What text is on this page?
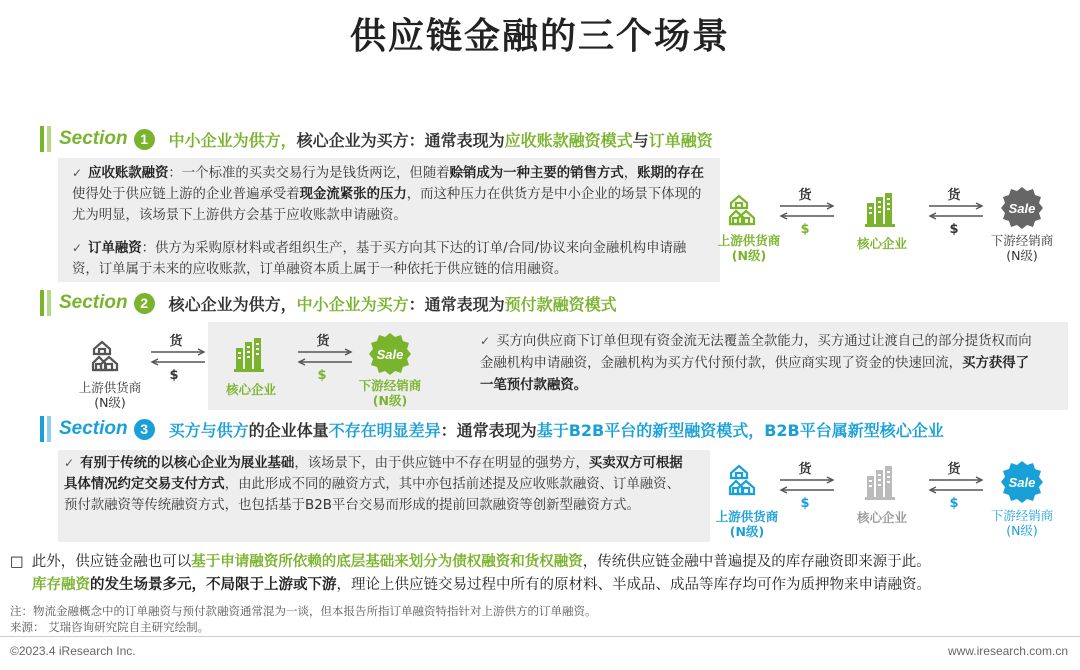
供应链金融的三个场景
Section 1	中小企业为供方，核心企业为买方：通常表现为应收账款融资模式与订单融资
✓ 应收账款融资：一个标准的买卖交易行为是钱货两讫，但随着赊销成为一种主要的销售方式，账期的存在使得处于供应链上游的企业普遍承受着现金流紧张的压力，而这种压力在供货方是中小企业的场景下体现的尤为明显，该场景下上游供方会基于应收账款申请融资。
✓ 订单融资：供方为采购原材料或者组织生产，基于买方向其下达的订单/合同/协议来向金融机构申请融资，订单属于未来的应收账款，订单融资本质上属于一种依托于供应链的信用融资。
上游供货商
(N级)
货
$
核心企业
货
$
Sale
下游经销商
(N级)
Section 2	核心企业为供方，中小企业为买方：通常表现为预付款融资模式
上游供货商
(N级)
货
$
核心企业
货
$
Sale
下游经销商
(N级)
✓ 买方向供应商下订单但现有资金流无法覆盖全款能力，买方通过让渡自己的部分提货权而向金融机构申请融资，金融机构为买方代付预付款，供应商实现了资金的快速回流，买方获得了一笔预付款融资。
Section 3	买方与供方的企业体量不存在明显差异：通常表现为基于B2B平台的新型融资模式，B2B平台属新型核心企业
✓ 有别于传统的以核心企业为展业基础，该场景下，由于供应链中不存在明显的强势方，买卖双方可根据具体情况约定交易支付方式，由此形成不同的融资方式，其中亦包括前述提及应收账款融资、订单融资、预付款融资等传统融资方式，也包括基于B2B平台交易而形成的提前回款融资等创新型融资方式。
上游供货商
(N级)
货
$
核心企业
货
$
Sale
下游经销商
(N级)
□ 此外，供应链金融也可以基于申请融资所依赖的底层基础来划分为债权融资和货权融资，传统供应链金融中普遍提及的库存融资即来源于此。
库存融资的发生场景多元，不局限于上游或下游，理论上供应链交易过程中所有的原材料、半成品、成品等库存均可作为质押物来申请融资。
注：物流金融概念中的订单融资与预付款融资通常混为一谈，但本报告所指订单融资特指针对上游供方的订单融资。
来源： 艾瑞咨询研究院自主研究绘制。
©2023.4 iResearch Inc.	www.iresearch.com.cn
